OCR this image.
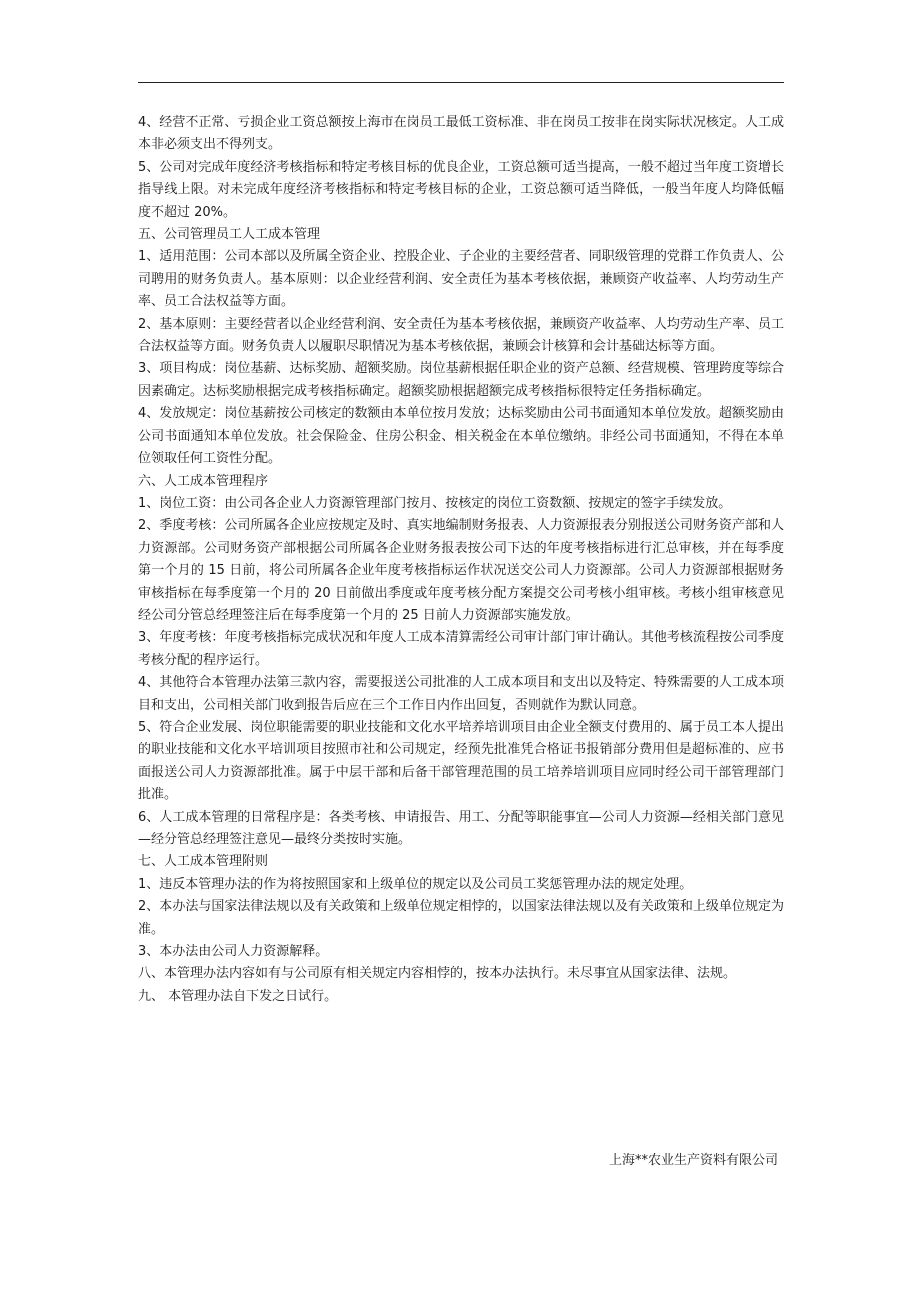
4、经营不正常、亏损企业工资总额按上海市在岗员工最低工资标准、非在岗员工按非在岗实际状况核定。人工成本非必须支出不得列支。

5、公司对完成年度经济考核指标和特定考核目标的优良企业，工资总额可适当提高，一般不超过当年度工资增长指导线上限。对未完成年度经济考核指标和特定考核目标的企业，工资总额可适当降低，一般当年度人均降低幅度不超过 20%。

五、公司管理员工人工成本管理

1、适用范围：公司本部以及所属全资企业、控股企业、子企业的主要经营者、同职级管理的党群工作负责人、公司聘用的财务负责人。基本原则：以企业经营利润、安全责任为基本考核依据，兼顾资产收益率、人均劳动生产率、员工合法权益等方面。

2、基本原则：主要经营者以企业经营利润、安全责任为基本考核依据，兼顾资产收益率、人均劳动生产率、员工合法权益等方面。财务负责人以履职尽职情况为基本考核依据，兼顾会计核算和会计基础达标等方面。

3、项目构成：岗位基薪、达标奖励、超额奖励。岗位基薪根据任职企业的资产总额、经营规模、管理跨度等综合因素确定。达标奖励根据完成考核指标确定。超额奖励根据超额完成考核指标很特定任务指标确定。

4、发放规定：岗位基薪按公司核定的数额由本单位按月发放；达标奖励由公司书面通知本单位发放。超额奖励由公司书面通知本单位发放。社会保险金、住房公积金、相关税金在本单位缴纳。非经公司书面通知，不得在本单位领取任何工资性分配。

六、人工成本管理程序

1、岗位工资：由公司各企业人力资源管理部门按月、按核定的岗位工资数额、按规定的签字手续发放。

2、季度考核：公司所属各企业应按规定及时、真实地编制财务报表、人力资源报表分别报送公司财务资产部和人力资源部。公司财务资产部根据公司所属各企业财务报表按公司下达的年度考核指标进行汇总审核，并在每季度第一个月的 15 日前，将公司所属各企业年度考核指标运作状况送交公司人力资源部。公司人力资源部根据财务审核指标在每季度第一个月的 20 日前做出季度或年度考核分配方案提交公司考核小组审核。考核小组审核意见经公司分管总经理签注后在每季度第一个月的 25 日前人力资源部实施发放。

3、年度考核：年度考核指标完成状况和年度人工成本清算需经公司审计部门审计确认。其他考核流程按公司季度考核分配的程序运行。

4、其他符合本管理办法第三款内容，需要报送公司批准的人工成本项目和支出以及特定、特殊需要的人工成本项目和支出，公司相关部门收到报告后应在三个工作日内作出回复，否则就作为默认同意。

5、符合企业发展、岗位职能需要的职业技能和文化水平培养培训项目由企业全额支付费用的、属于员工本人提出的职业技能和文化水平培训项目按照市社和公司规定，经预先批准凭合格证书报销部分费用但是超标准的、应书面报送公司人力资源部批准。属于中层干部和后备干部管理范围的员工培养培训项目应同时经公司干部管理部门批准。

6、人工成本管理的日常程序是：各类考核、申请报告、用工、分配等职能事宜—公司人力资源—经相关部门意见—经分管总经理签注意见—最终分类按时实施。

七、人工成本管理附则

1、违反本管理办法的作为将按照国家和上级单位的规定以及公司员工奖惩管理办法的规定处理。

2、本办法与国家法律法规以及有关政策和上级单位规定相悖的，以国家法律法规以及有关政策和上级单位规定为准。

3、本办法由公司人力资源解释。

八、本管理办法内容如有与公司原有相关规定内容相悖的，按本办法执行。未尽事宜从国家法律、法规。

九、 本管理办法自下发之日试行。

上海**农业生产资料有限公司
